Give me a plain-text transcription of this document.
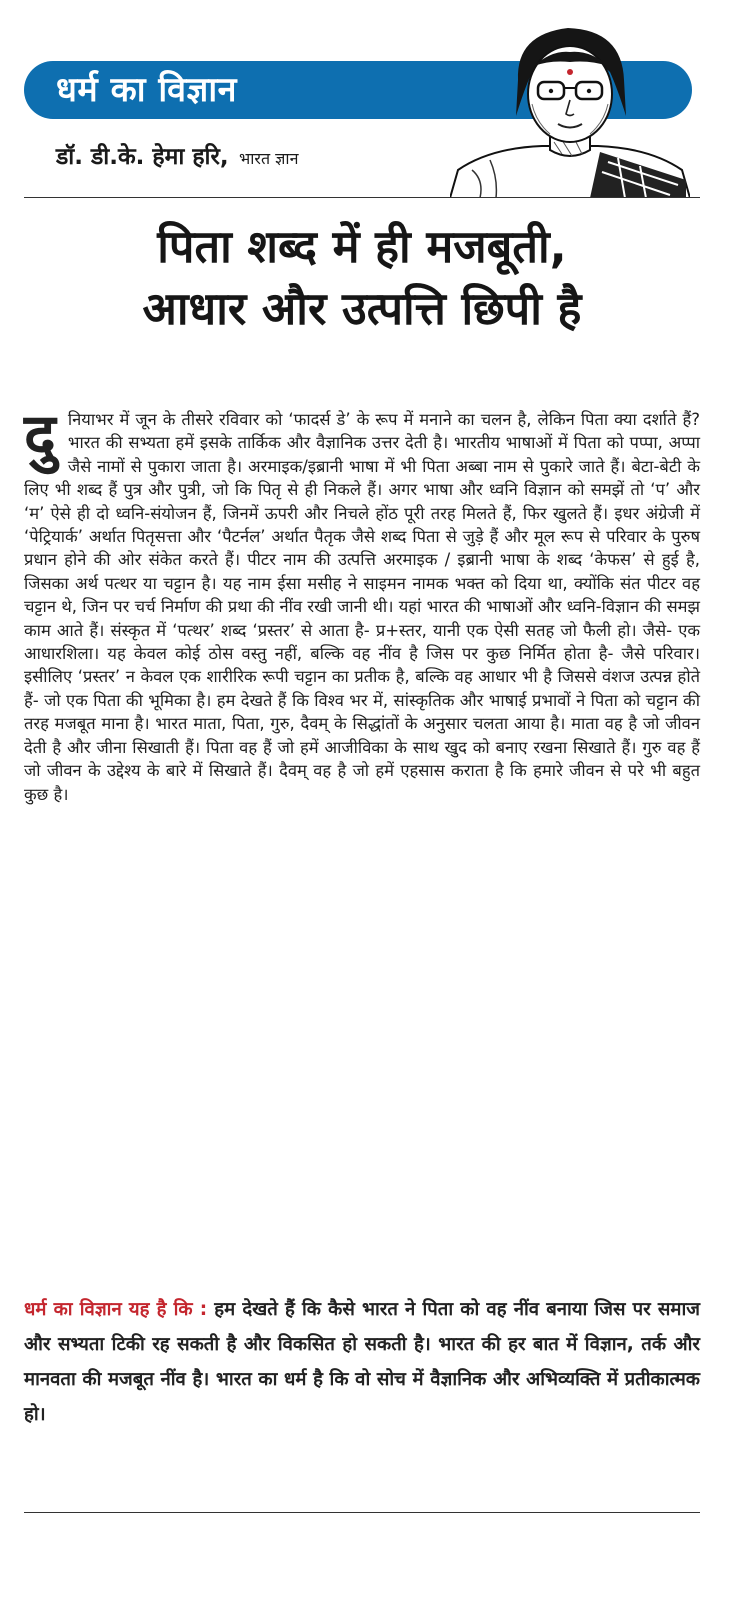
धर्म का विज्ञान
डॉ. डी.के. हेमा हरि, भारत ज्ञान
पिता शब्द में ही मजबूती,
आधार और उत्पत्ति छिपी है

दुनियाभर में जून के तीसरे रविवार को ‘फादर्स डे’ के रूप में मनाने का चलन है, लेकिन पिता क्या दर्शाते हैं? भारत की सभ्यता हमें इसके तार्किक और वैज्ञानिक उत्तर देती है। भारतीय भाषाओं में पिता को पप्पा, अप्पा जैसे नामों से पुकारा जाता है। अरमाइक/इब्रानी भाषा में भी पिता अब्बा नाम से पुकारे जाते हैं। बेटा-बेटी के लिए भी शब्द हैं पुत्र और पुत्री, जो कि पितृ से ही निकले हैं। अगर भाषा और ध्वनि विज्ञान को समझें तो ‘प’ और ‘म’ ऐसे ही दो ध्वनि-संयोजन हैं, जिनमें ऊपरी और निचले होंठ पूरी तरह मिलते हैं, फिर खुलते हैं। इधर अंग्रेजी में ‘पेट्रियार्क’ अर्थात पितृसत्ता और ‘पैटर्नल’ अर्थात पैतृक जैसे शब्द पिता से जुड़े हैं और मूल रूप से परिवार के पुरुष प्रधान होने की ओर संकेत करते हैं। पीटर नाम की उत्पत्ति अरमाइक / इब्रानी भाषा के शब्द ‘केफस’ से हुई है, जिसका अर्थ पत्थर या चट्टान है। यह नाम ईसा मसीह ने साइमन नामक भक्त को दिया था, क्योंकि संत पीटर वह चट्टान थे, जिन पर चर्च निर्माण की प्रथा की नींव रखी जानी थी। यहां भारत की भाषाओं और ध्वनि-विज्ञान की समझ काम आते हैं। संस्कृत में ‘पत्थर’ शब्द ‘प्रस्तर’ से आता है- प्र+स्तर, यानी एक ऐसी सतह जो फैली हो। जैसे- एक आधारशिला। यह केवल कोई ठोस वस्तु नहीं, बल्कि वह नींव है जिस पर कुछ निर्मित होता है- जैसे परिवार। इसीलिए ‘प्रस्तर’ न केवल एक शारीरिक रूपी चट्टान का प्रतीक है, बल्कि वह आधार भी है जिससे वंशज उत्पन्न होते हैं- जो एक पिता की भूमिका है। हम देखते हैं कि विश्व भर में, सांस्कृतिक और भाषाई प्रभावों ने पिता को चट्टान की तरह मजबूत माना है। भारत माता, पिता, गुरु, दैवम् के सिद्धांतों के अनुसार चलता आया है। माता वह है जो जीवन देती है और जीना सिखाती हैं। पिता वह हैं जो हमें आजीविका के साथ खुद को बनाए रखना सिखाते हैं। गुरु वह हैं जो जीवन के उद्देश्य के बारे में सिखाते हैं। दैवम् वह है जो हमें एहसास कराता है कि हमारे जीवन से परे भी बहुत कुछ है।

धर्म का विज्ञान यह है कि : हम देखते हैं कि कैसे भारत ने पिता को वह नींव बनाया जिस पर समाज और सभ्यता टिकी रह सकती है और विकसित हो सकती है। भारत की हर बात में विज्ञान, तर्क और मानवता की मजबूत नींव है। भारत का धर्म है कि वो सोच में वैज्ञानिक और अभिव्यक्ति में प्रतीकात्मक हो।
